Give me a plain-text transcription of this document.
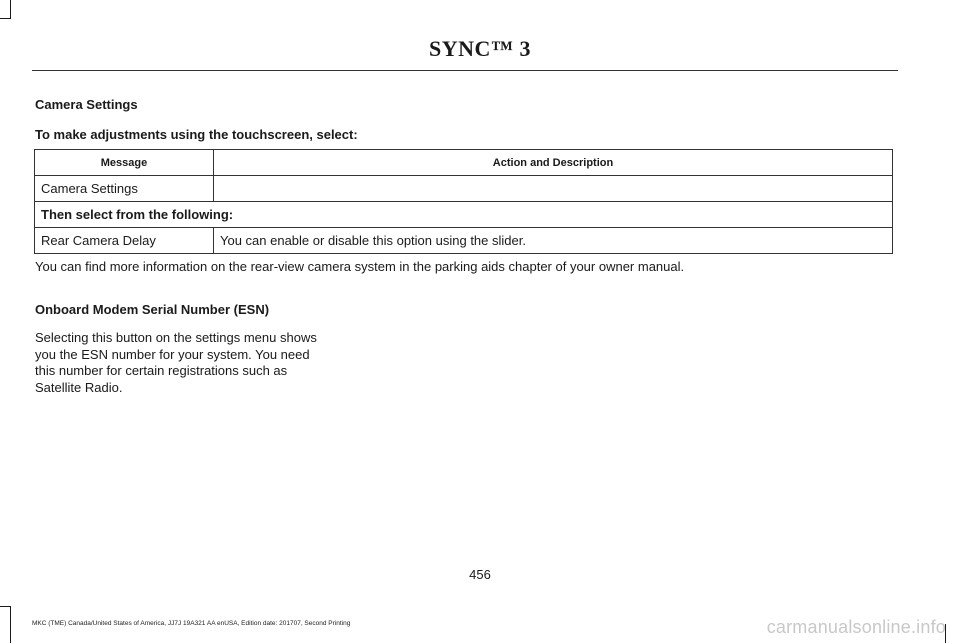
SYNC™ 3
Camera Settings
To make adjustments using the touchscreen, select:
Message	Action and Description
Camera Settings	
Then select from the following:	
Rear Camera Delay	You can enable or disable this option using the slider.
You can find more information on the rear-view camera system in the parking aids chapter of your owner manual.
Onboard Modem Serial Number (ESN)
Selecting this button on the settings menu shows you the ESN number for your system. You need this number for certain registrations such as Satellite Radio.
456
MKC (TME) Canada/United States of America, JJ7J 19A321 AA enUSA, Edition date: 201707, Second Printing	carmanualsonline.info
